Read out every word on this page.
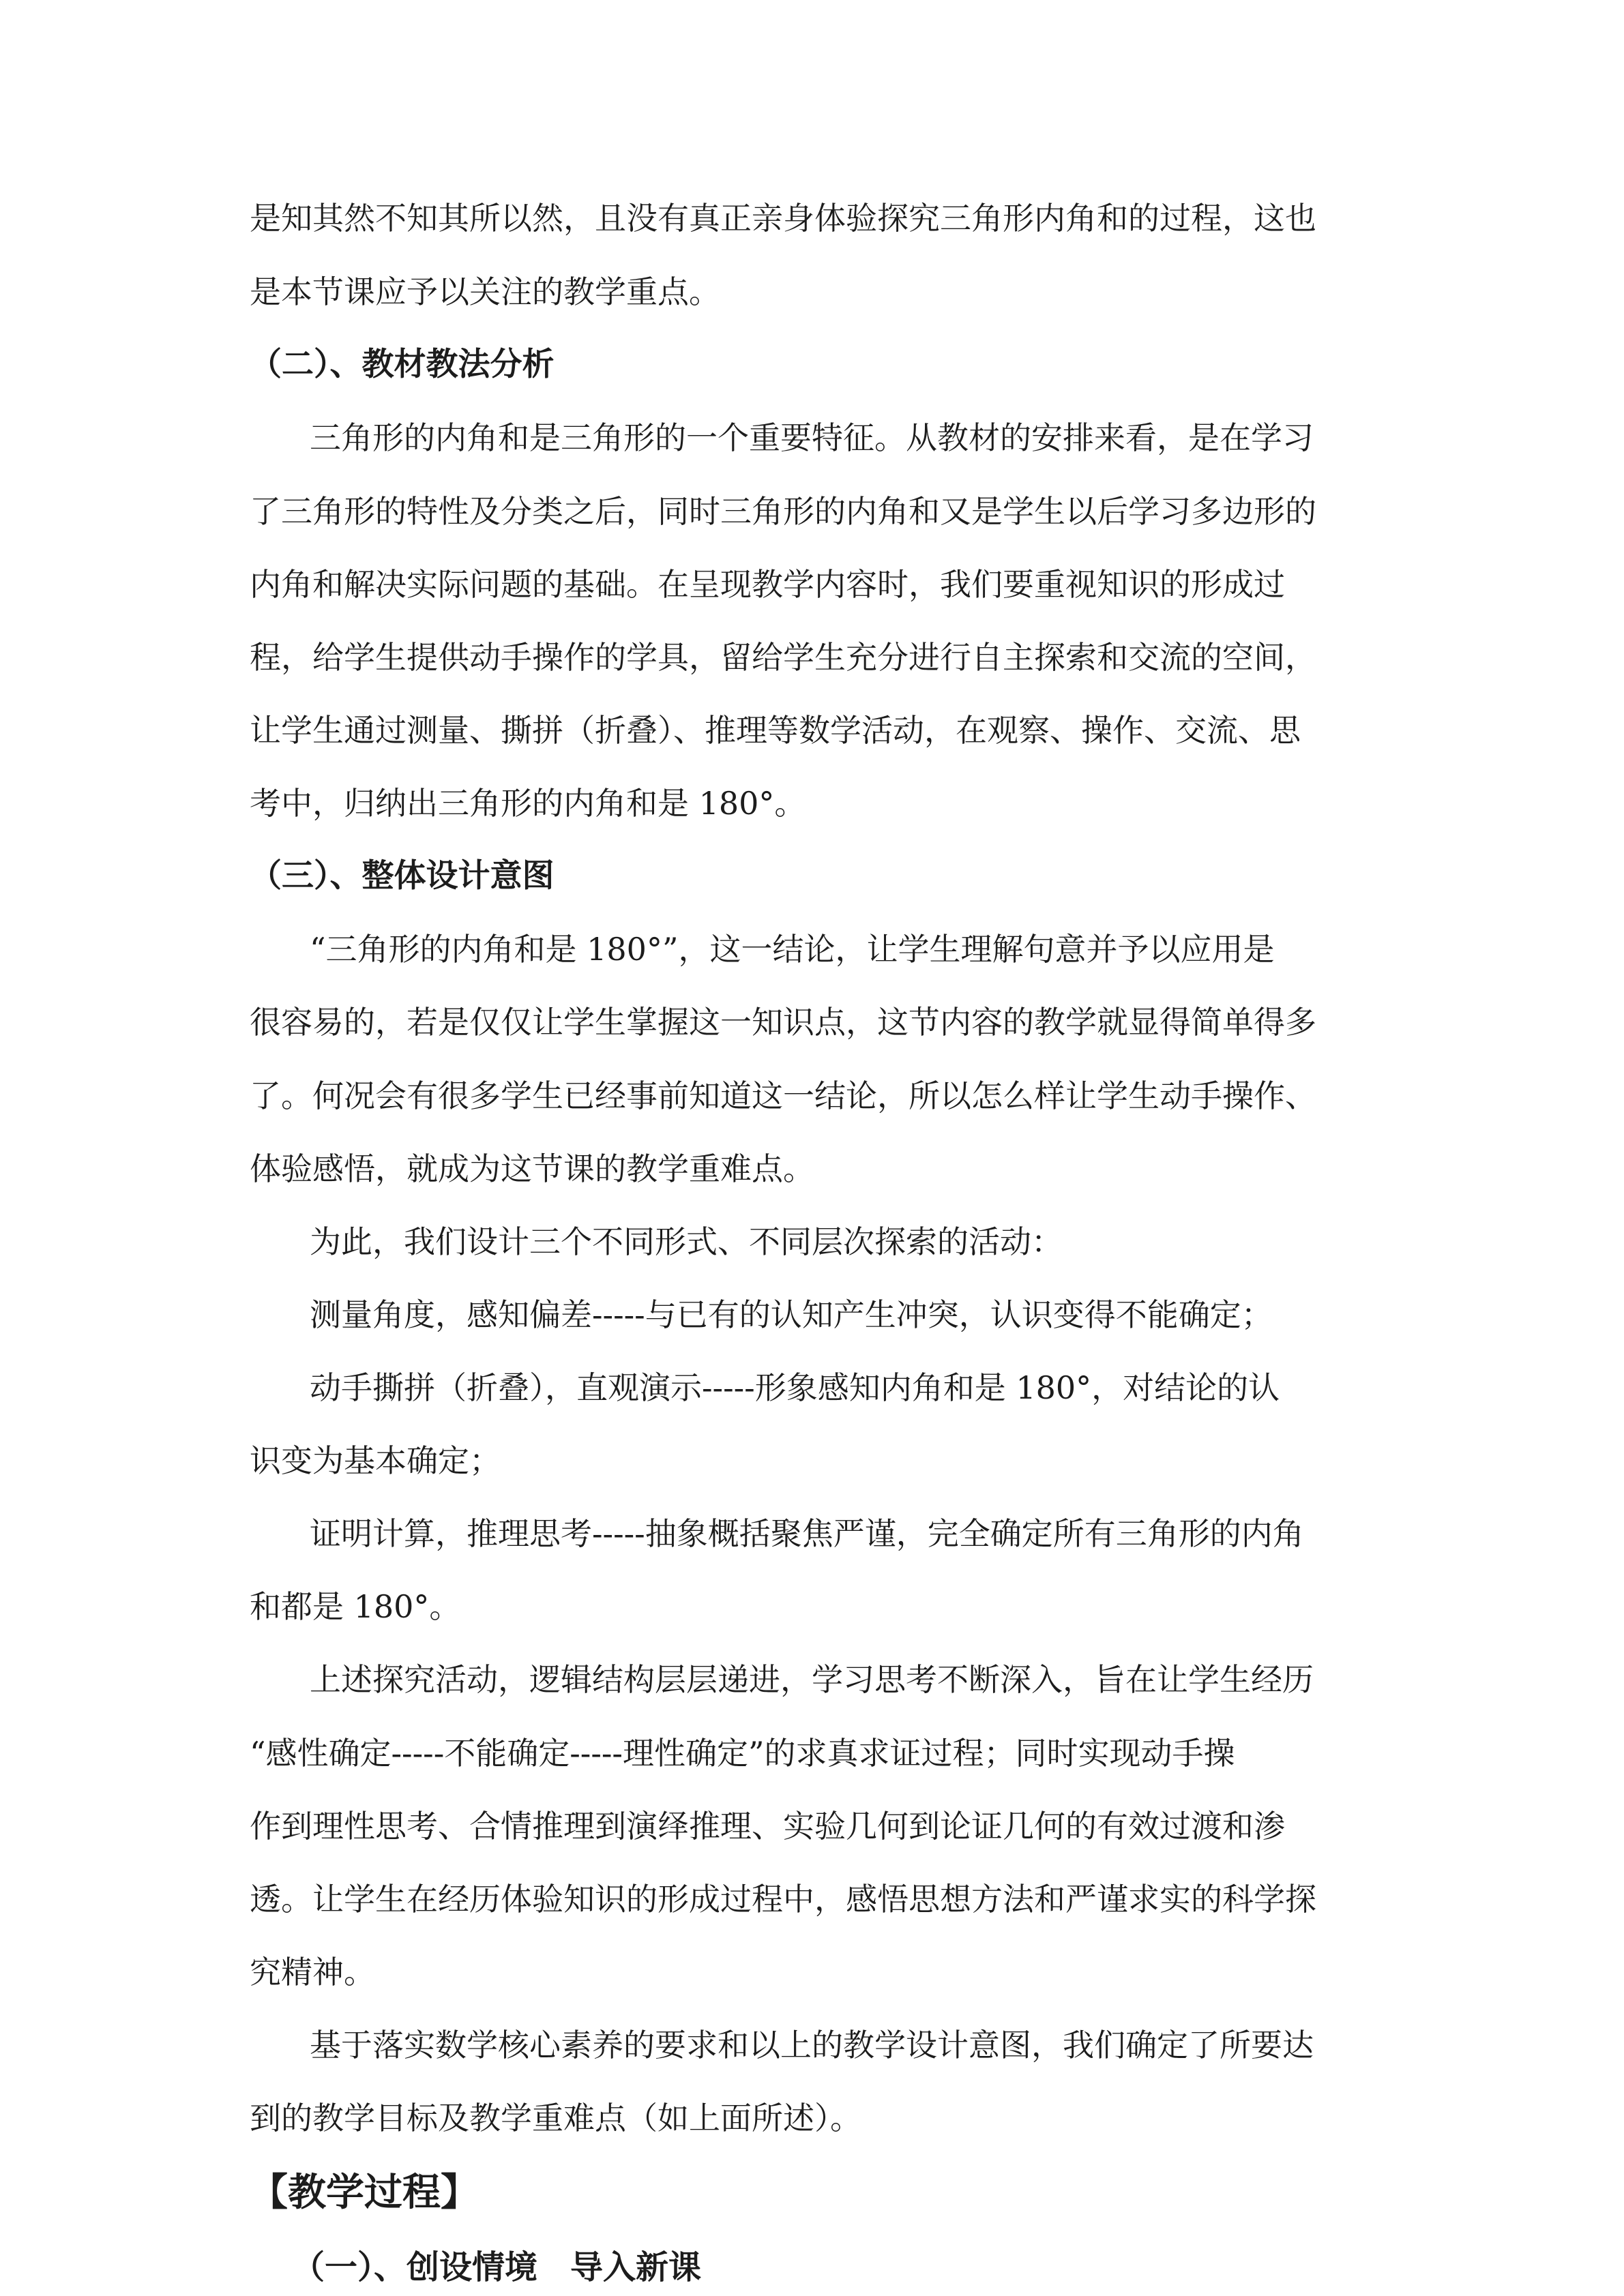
是知其然不知其所以然，且没有真正亲身体验探究三角形内角和的过程，这也

是本节课应予以关注的教学重点。

（二）、教材教法分析

三角形的内角和是三角形的一个重要特征。从教材的安排来看，是在学习

了三角形的特性及分类之后，同时三角形的内角和又是学生以后学习多边形的

内角和解决实际问题的基础。在呈现教学内容时，我们要重视知识的形成过

程，给学生提供动手操作的学具，留给学生充分进行自主探索和交流的空间，

让学生通过测量、撕拼（折叠）、推理等数学活动，在观察、操作、交流、思

考中，归纳出三角形的内角和是 180°。

（三）、整体设计意图

“三角形的内角和是 180°”，这一结论，让学生理解句意并予以应用是

很容易的，若是仅仅让学生掌握这一知识点，这节内容的教学就显得简单得多

了。何况会有很多学生已经事前知道这一结论，所以怎么样让学生动手操作、

体验感悟，就成为这节课的教学重难点。

为此，我们设计三个不同形式、不同层次探索的活动：

测量角度，感知偏差-----与已有的认知产生冲突，认识变得不能确定；

动手撕拼（折叠），直观演示-----形象感知内角和是 180°，对结论的认

识变为基本确定；

证明计算，推理思考-----抽象概括聚焦严谨，完全确定所有三角形的内角

和都是 180°。

上述探究活动，逻辑结构层层递进，学习思考不断深入，旨在让学生经历

“感性确定-----不能确定-----理性确定”的求真求证过程；同时实现动手操

作到理性思考、合情推理到演绎推理、实验几何到论证几何的有效过渡和渗

透。让学生在经历体验知识的形成过程中，感悟思想方法和严谨求实的科学探

究精神。

基于落实数学核心素养的要求和以上的教学设计意图，我们确定了所要达

到的教学目标及教学重难点（如上面所述）。

【教学过程】

（一）、创设情境　导入新课
